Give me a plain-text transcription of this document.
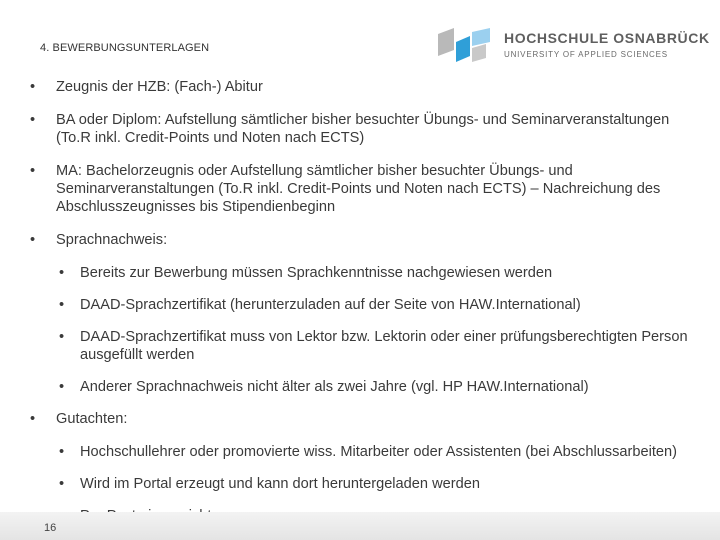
4. BEWERBUNGSUNTERLAGEN
HOCHSCHULE OSNABRÜCK
UNIVERSITY OF APPLIED SCIENCES
• Zeugnis der HZB: (Fach-) Abitur
• BA oder Diplom: Aufstellung sämtlicher bisher besuchter Übungs- und Seminarveranstaltungen (To.R inkl. Credit-Points und Noten nach ECTS)
• MA: Bachelorzeugnis oder Aufstellung sämtlicher bisher besuchter Übungs- und Seminarveranstaltungen (To.R inkl. Credit-Points und Noten nach ECTS) – Nachreichung des Abschlusszeugnisses bis Stipendienbeginn
• Sprachnachweis:
• Bereits zur Bewerbung müssen Sprachkenntnisse nachgewiesen werden
• DAAD-Sprachzertifikat (herunterzuladen auf der Seite von HAW.International)
• DAAD-Sprachzertifikat muss von Lektor bzw. Lektorin oder einer prüfungsberechtigten Person ausgefüllt werden
• Anderer Sprachnachweis nicht älter als zwei Jahre (vgl. HP HAW.International)
• Gutachten:
• Hochschullehrer oder promovierte wiss. Mitarbeiter oder Assistenten (bei Abschlussarbeiten)
• Wird im Portal erzeugt und kann dort heruntergeladen werden
16
